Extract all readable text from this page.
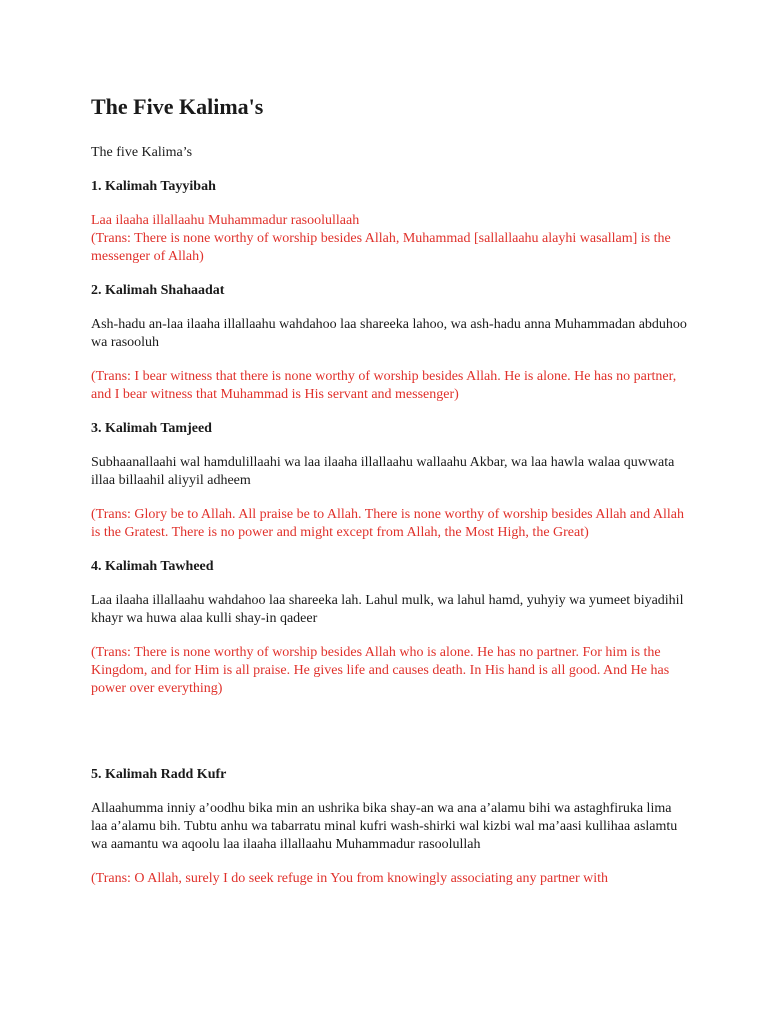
The Five Kalima's

The five Kalima’s

1. Kalimah Tayyibah

Laa ilaaha illallaahu Muhammadur rasoolullaah

(Trans: There is none worthy of worship besides Allah, Muhammad [sallallaahu alayhi wasallam] is the messenger of Allah)

2. Kalimah Shahaadat

Ash-hadu an-laa ilaaha illallaahu wahdahoo laa shareeka lahoo, wa ash-hadu anna Muhammadan abduhoo wa rasooluh

(Trans: I bear witness that there is none worthy of worship besides Allah. He is alone. He has no partner, and I bear witness that Muhammad is His servant and messenger)

3. Kalimah Tamjeed

Subhaanallaahi wal hamdulillaahi wa laa ilaaha illallaahu wallaahu Akbar, wa laa hawla walaa quwwata illaa billaahil aliyyil adheem

(Trans: Glory be to Allah. All praise be to Allah. There is none worthy of worship besides Allah and Allah is the Gratest. There is no power and might except from Allah, the Most High, the Great)

4. Kalimah Tawheed

Laa ilaaha illallaahu wahdahoo laa shareeka lah. Lahul mulk, wa lahul hamd, yuhyiy wa yumeet biyadihil khayr wa huwa alaa kulli shay-in qadeer

(Trans: There is none worthy of worship besides Allah who is alone. He has no partner. For him is the Kingdom, and for Him is all praise. He gives life and causes death. In His hand is all good. And He has power over everything)

5. Kalimah Radd Kufr

Allaahumma inniy a’oodhu bika min an ushrika bika shay-an wa ana a’alamu bihi wa astaghfiruka lima laa a’alamu bih. Tubtu anhu wa tabarratu minal kufri wash-shirki wal kizbi wal ma’aasi kullihaa aslamtu wa aamantu wa aqoolu laa ilaaha illallaahu Muhammadur rasoolullah

(Trans: O Allah, surely I do seek refuge in You from knowingly associating any partner with
